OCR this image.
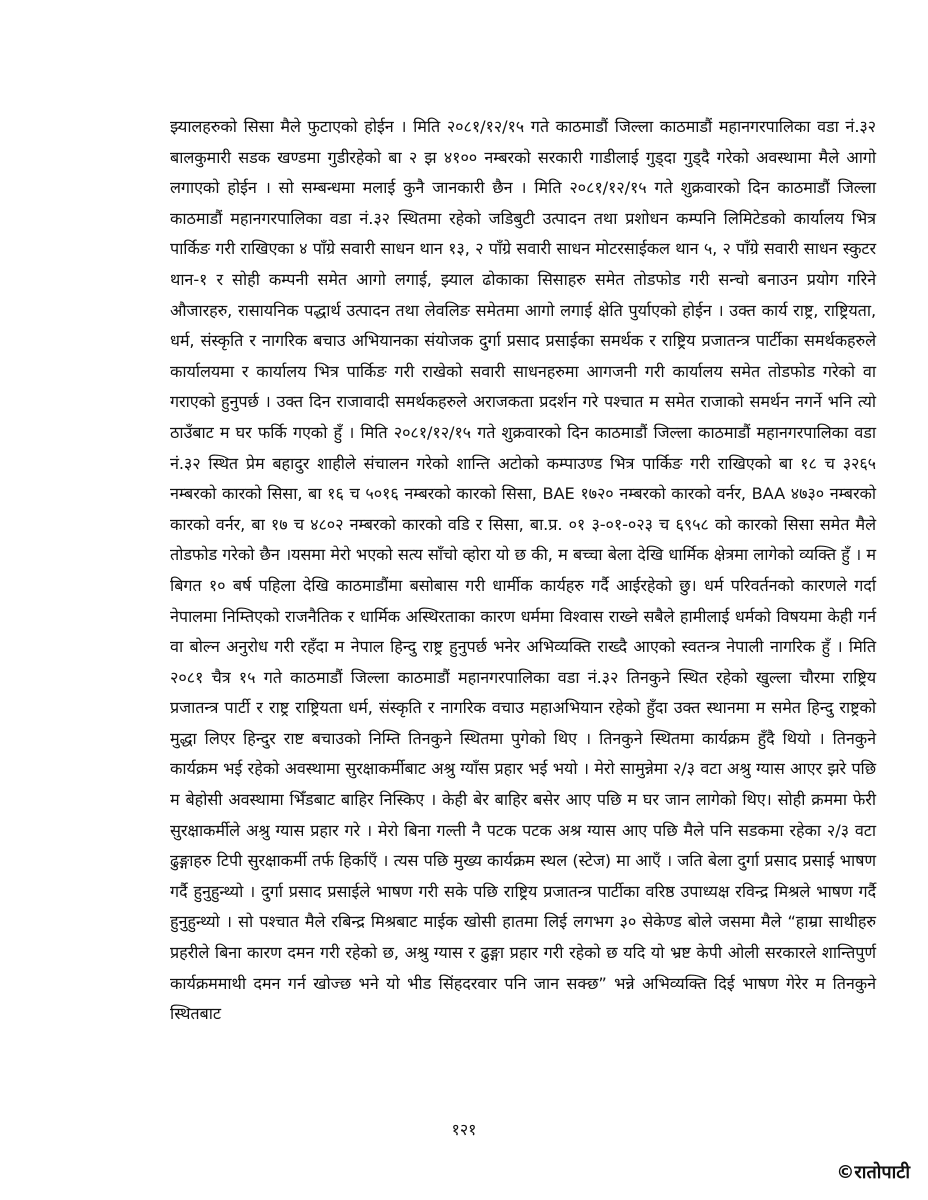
झ्यालहरुको सिसा मैले फुटाएको होईन । मिति २०८१/१२/१५ गते काठमाडौं जिल्ला काठमाडौं महानगरपालिका वडा नं.३२ बालकुमारी सडक खण्डमा गुडीरहेको बा २ झ ४१०० नम्बरको सरकारी गाडीलाई गुड्दा गुड्दै गरेको अवस्थामा मैले आगो लगाएको होईन । सो सम्बन्धमा मलाई कुनै जानकारी छैन । मिति २०८१/१२/१५ गते शुक्रवारको दिन काठमाडौं जिल्ला काठमाडौं महानगरपालिका वडा नं.३२ स्थितमा रहेको जडिबुटी उत्पादन तथा प्रशोधन कम्पनि लिमिटेडको कार्यालय भित्र पार्किङ गरी राखिएका ४ पाँग्रे सवारी साधन थान १३, २ पाँग्रे सवारी साधन मोटरसाईकल थान ५, २ पाँग्रे सवारी साधन स्कुटर थान-१ र सोही कम्पनी समेत आगो लगाई, झ्याल ढोकाका सिसाहरु समेत तोडफोड गरी सन्चो बनाउन प्रयोग गरिने औजारहरु, रासायनिक पद्धार्थ उत्पादन तथा लेवलिङ समेतमा आगो लगाई क्षेति पुर्याएको होईन । उक्त कार्य राष्ट्र, राष्ट्रियता, धर्म, संस्कृति र नागरिक बचाउ अभियानका संयोजक दुर्गा प्रसाद प्रसाईका समर्थक र राष्ट्रिय प्रजातन्त्र पार्टीका समर्थकहरुले कार्यालयमा र कार्यालय भित्र पार्किङ गरी राखेको सवारी साधनहरुमा आगजनी गरी कार्यालय समेत तोडफोड गरेको वा गराएको हुनुपर्छ । उक्त दिन राजावादी समर्थकहरुले अराजकता प्रदर्शन गरे पश्चात म समेत राजाको समर्थन नगर्ने भनि त्यो ठाउँबाट म घर फर्कि गएको हुँ । मिति २०८१/१२/१५ गते शुक्रवारको दिन काठमाडौं जिल्ला काठमाडौं महानगरपालिका वडा नं.३२ स्थित प्रेम बहादुर शाहीले संचालन गरेको शान्ति अटोको कम्पाउण्ड भित्र पार्किङ गरी राखिएको बा १८ च ३२६५ नम्बरको कारको सिसा, बा १६ च ५०१६ नम्बरको कारको सिसा, BAE १७२० नम्बरको कारको वर्नर, BAA ४७३० नम्बरको कारको वर्नर, बा १७ च ४८०२ नम्बरको कारको वडि र सिसा, बा.प्र. ०१ ३-०१-०२३ च ६९५८ को कारको सिसा समेत मैले तोडफोड गरेको छैन ।यसमा मेरो भएको सत्य साँचो व्होरा यो छ की, म बच्चा बेला देखि धार्मिक क्षेत्रमा लागेको व्यक्ति हुँ । म बिगत १० बर्ष पहिला देखि काठमाडौंमा बसोबास गरी धार्मीक कार्यहरु गर्दै आईरहेको छु। धर्म परिवर्तनको कारणले गर्दा नेपालमा निम्तिएको राजनैतिक र धार्मिक अस्थिरताका कारण धर्ममा विश्वास राख्ने सबैले हामीलाई धर्मको विषयमा केही गर्न वा बोल्न अनुरोध गरी रहँदा म नेपाल हिन्दु राष्ट्र हुनुपर्छ भनेर अभिव्यक्ति राख्दै आएको स्वतन्त्र नेपाली नागरिक हुँ । मिति २०८१ चैत्र १५ गते काठमाडौं जिल्ला काठमाडौं महानगरपालिका वडा नं.३२ तिनकुने स्थित रहेको खुल्ला चौरमा राष्ट्रिय प्रजातन्त्र पार्टी र राष्ट्र राष्ट्रियता धर्म, संस्कृति र नागरिक वचाउ महाअभियान रहेको हुँदा उक्त स्थानमा म समेत हिन्दु राष्ट्रको मुद्धा लिएर हिन्दुर राष्ट बचाउको निम्ति तिनकुने स्थितमा पुगेको थिए । तिनकुने स्थितमा कार्यक्रम हुँदै थियो । तिनकुने कार्यक्रम भई रहेको अवस्थामा सुरक्षाकर्मीबाट अश्रु ग्याँस प्रहार भई भयो । मेरो सामुन्नेमा २/३ वटा अश्रु ग्यास आएर झरे पछि म बेहोसी अवस्थामा भिँडबाट बाहिर निस्किए । केही बेर बाहिर बसेर आए पछि म घर जान लागेको थिए। सोही क्रममा फेरी सुरक्षाकर्मीले अश्रु ग्यास प्रहार गरे । मेरो बिना गल्ती नै पटक पटक अश्र ग्यास आए पछि मैले पनि सडकमा रहेका २/३ वटा ढुङ्गाहरु टिपी सुरक्षाकर्मी तर्फ हिर्काएँ । त्यस पछि मुख्य कार्यक्रम स्थल (स्टेज) मा आएँ । जति बेला दुर्गा प्रसाद प्रसाई भाषण गर्दै हुनुहुन्थ्यो । दुर्गा प्रसाद प्रसाईले भाषण गरी सके पछि राष्ट्रिय प्रजातन्त्र पार्टीका वरिष्ठ उपाध्यक्ष रविन्द्र मिश्रले भाषण गर्दै हुनुहुन्थ्यो । सो पश्चात मैले रबिन्द्र मिश्रबाट माईक खोसी हातमा लिई लगभग ३० सेकेण्ड बोले जसमा मैले “हाम्रा साथीहरु प्रहरीले बिना कारण दमन गरी रहेको छ, अश्रु ग्यास र ढुङ्गा प्रहार गरी रहेको छ यदि यो भ्रष्ट केपी ओली सरकारले शान्तिपुर्ण कार्यक्रममाथी दमन गर्न खोज्छ भने यो भीड सिंहदरवार पनि जान सक्छ” भन्ने अभिव्यक्ति दिई भाषण गेरेर म तिनकुने स्थितबाट

१२१

©रातोपाटी
